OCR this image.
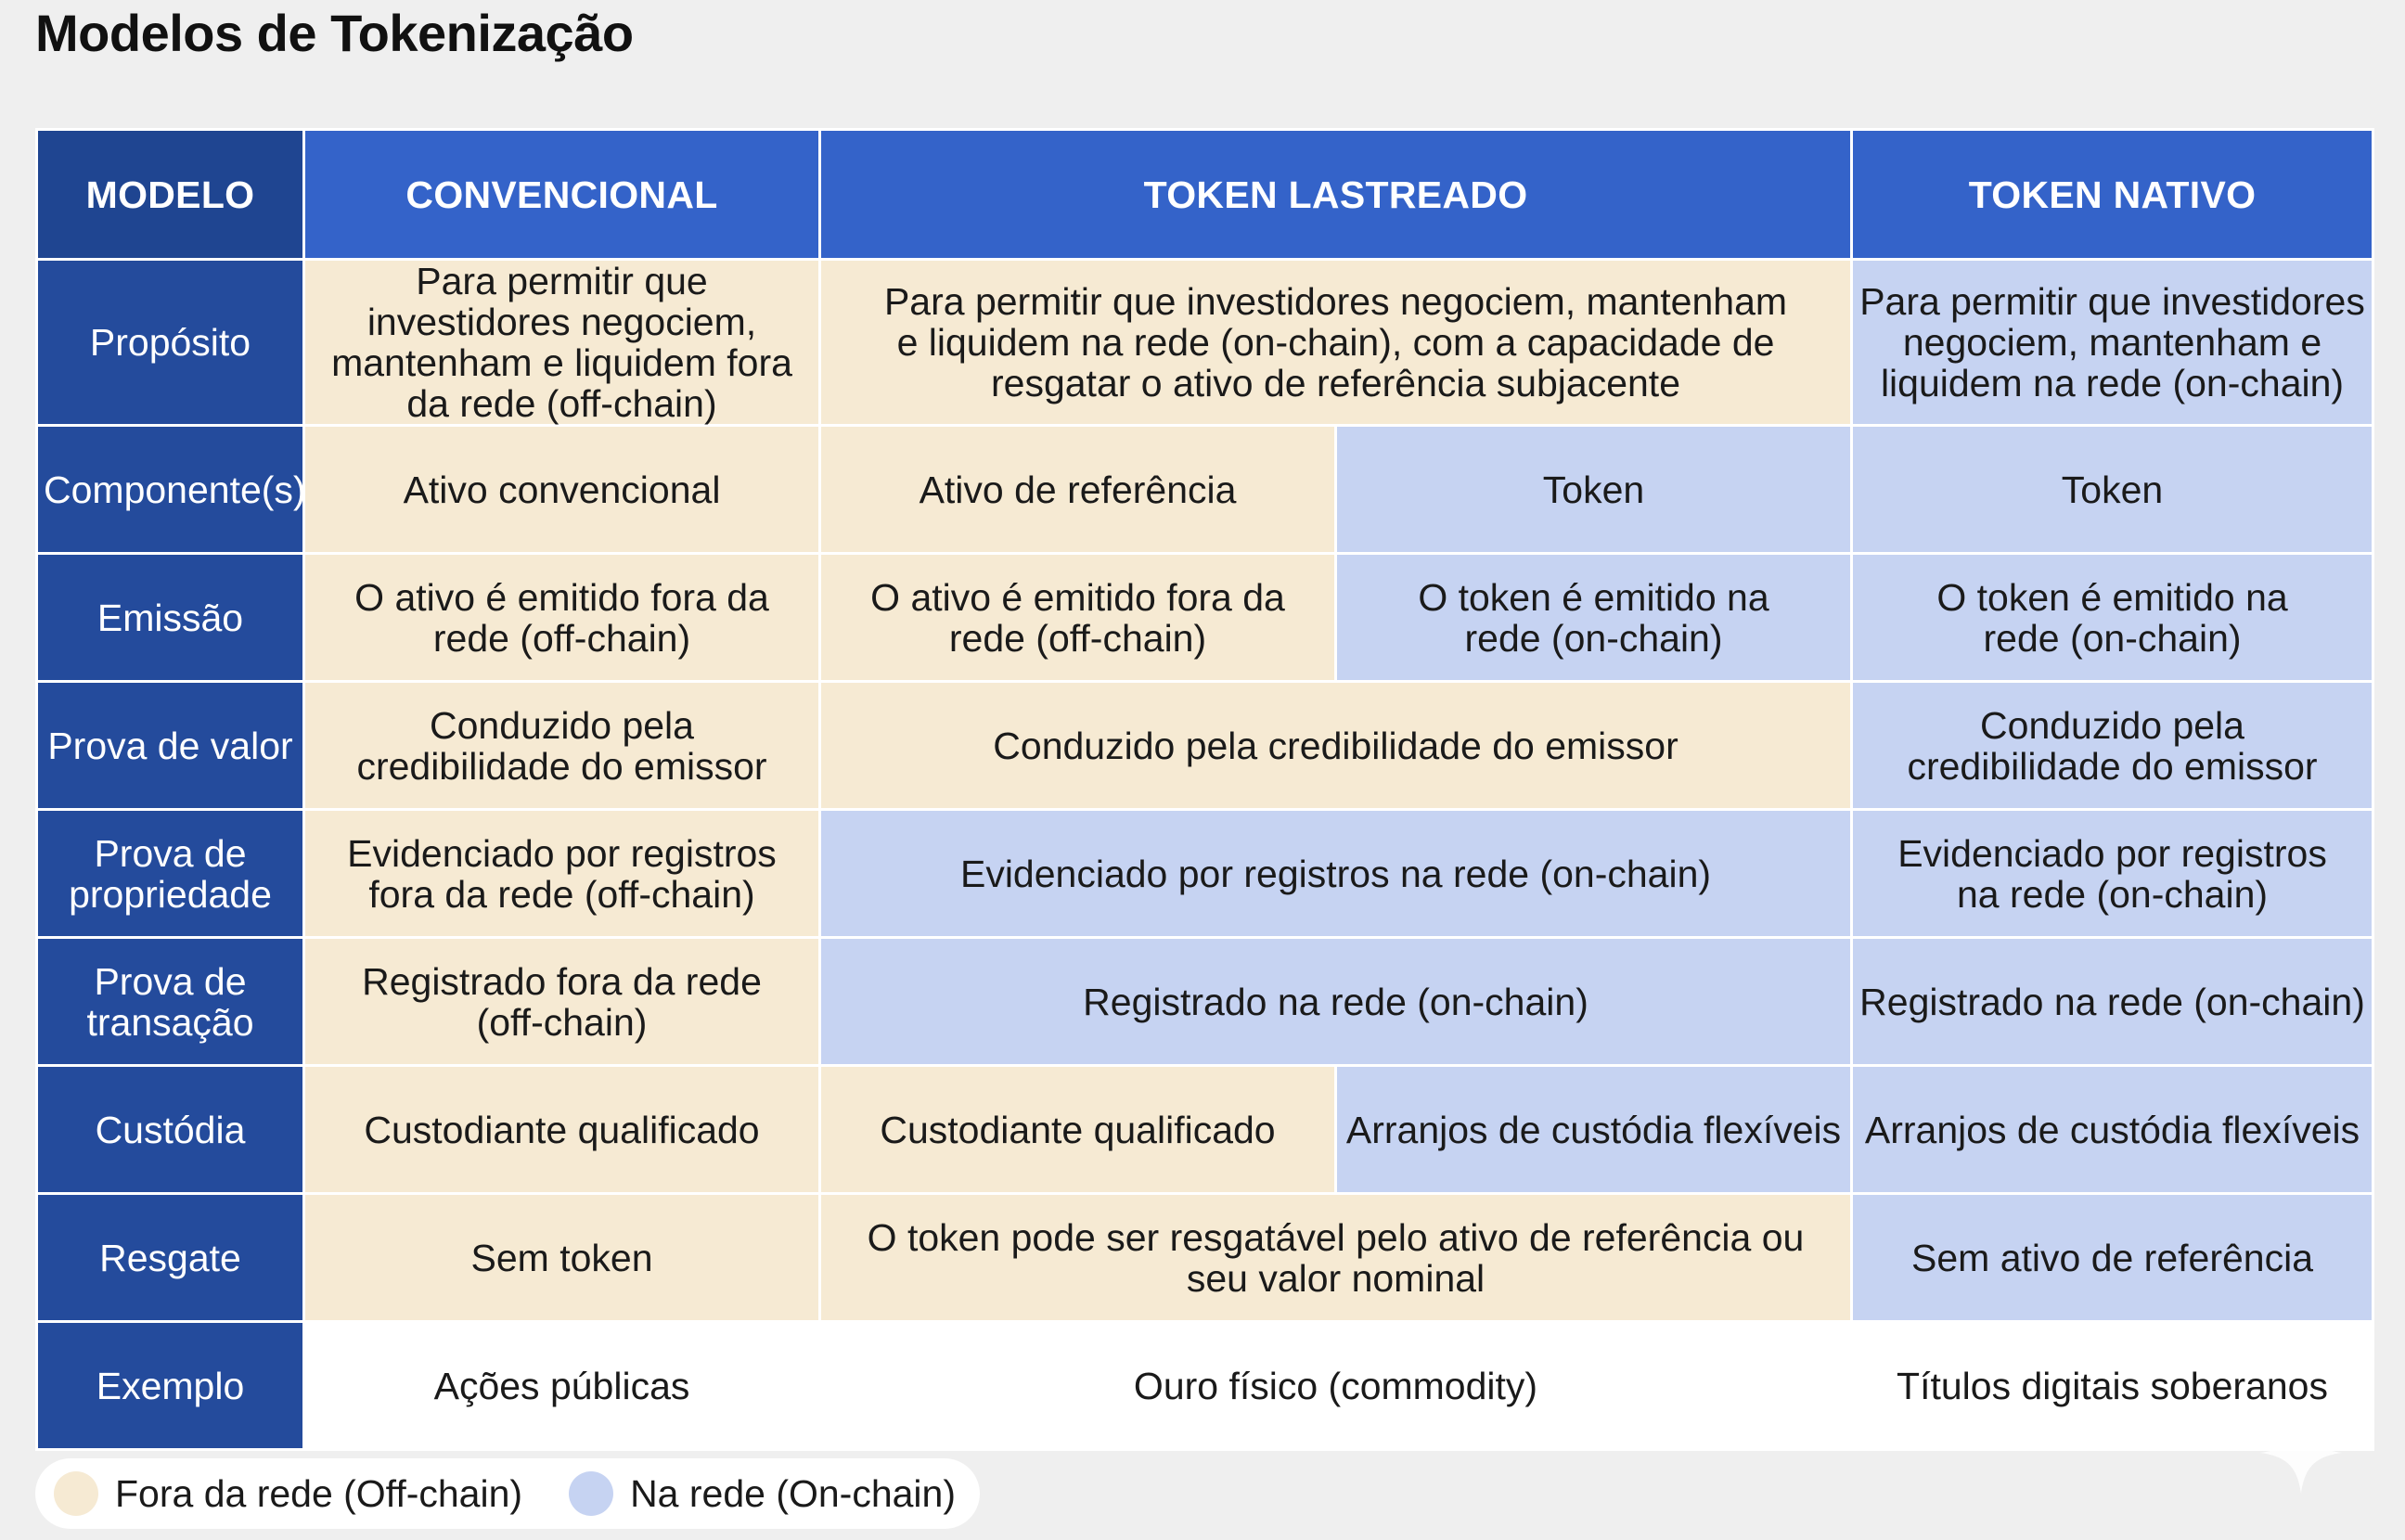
Modelos de Tokenização
MODELO	CONVENCIONAL	TOKEN LASTREADO		TOKEN NATIVO
Propósito	Para permitir que investidores negociem, mantenham e liquidem fora da rede (off-chain)	Para permitir que investidores negociem, mantenham e liquidem na rede (on-chain), com a capacidade de resgatar o ativo de referência subjacente		Para permitir que investidores negociem, mantenham e liquidem na rede (on-chain)
Componente(s)	Ativo convencional	Ativo de referência	Token	Token
Emissão	O ativo é emitido fora da rede (off-chain)	O ativo é emitido fora da rede (off-chain)	O token é emitido na rede (on-chain)	O token é emitido na rede (on-chain)
Prova de valor	Conduzido pela credibilidade do emissor	Conduzido pela credibilidade do emissor		Conduzido pela credibilidade do emissor
Prova de propriedade	Evidenciado por registros fora da rede (off-chain)	Evidenciado por registros na rede (on-chain)		Evidenciado por registros na rede (on-chain)
Prova de transação	Registrado fora da rede (off-chain)	Registrado na rede (on-chain)		Registrado na rede (on-chain)
Custódia	Custodiante qualificado	Custodiante qualificado	Arranjos de custódia flexíveis	Arranjos de custódia flexíveis
Resgate	Sem token	O token pode ser resgatável pelo ativo de referência ou seu valor nominal		Sem ativo de referência
Exemplo	Ações públicas	Ouro físico (commodity)		Títulos digitais soberanos
Fora da rede (Off-chain)	Na rede (On-chain)
